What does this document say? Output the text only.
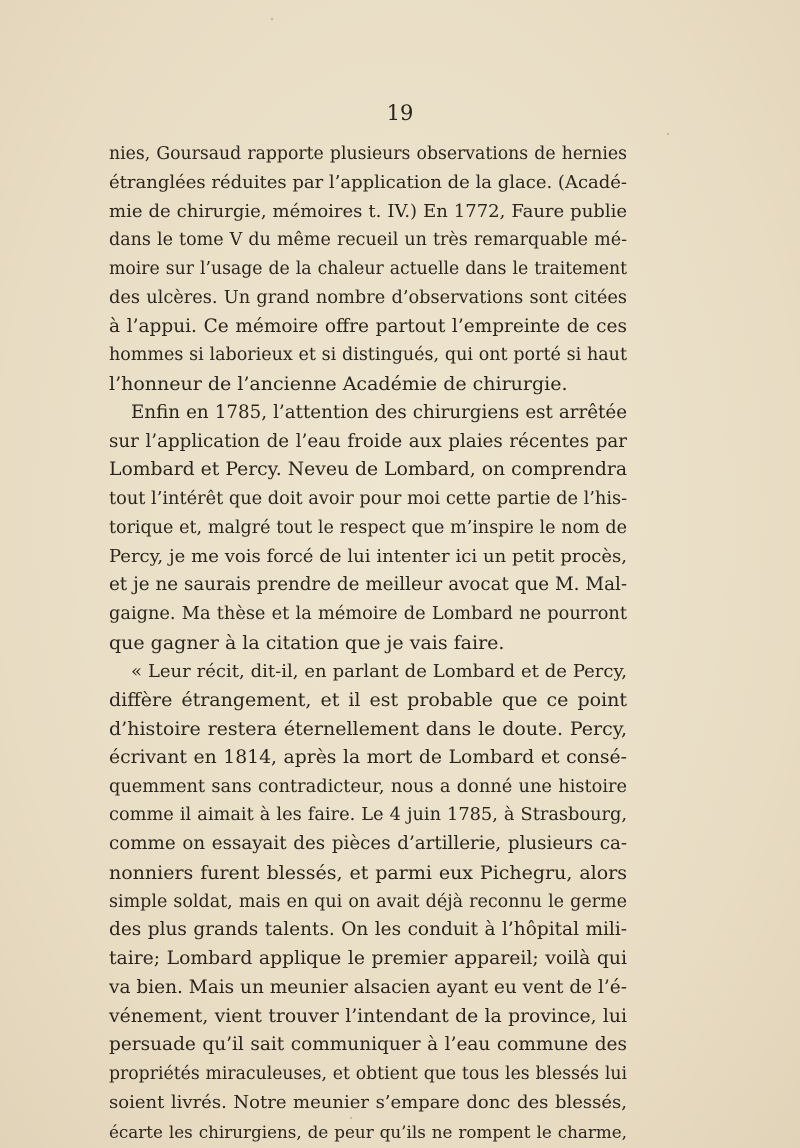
19
nies, Goursaud rapporte plusieurs observations de hernies
étranglées réduites par l’application de la glace. (Acadé-
mie de chirurgie, mémoires t. IV.) En 1772, Faure publie
dans le tome V du même recueil un très remarquable mé-
moire sur l’usage de la chaleur actuelle dans le traitement
des ulcères. Un grand nombre d’observations sont citées
à l’appui. Ce mémoire offre partout l’empreinte de ces
hommes si laborieux et si distingués, qui ont porté si haut
l’honneur de l’ancienne Académie de chirurgie.
Enfin en 1785, l’attention des chirurgiens est arrêtée
sur l’application de l’eau froide aux plaies récentes par
Lombard et Percy. Neveu de Lombard, on comprendra
tout l’intérêt que doit avoir pour moi cette partie de l’his-
torique et, malgré tout le respect que m’inspire le nom de
Percy, je me vois forcé de lui intenter ici un petit procès,
et je ne saurais prendre de meilleur avocat que M. Mal-
gaigne. Ma thèse et la mémoire de Lombard ne pourront
que gagner à la citation que je vais faire.
« Leur récit, dit-il, en parlant de Lombard et de Percy,
diffère étrangement, et il est probable que ce point
d’histoire restera éternellement dans le doute. Percy,
écrivant en 1814, après la mort de Lombard et consé-
quemment sans contradicteur, nous a donné une histoire
comme il aimait à les faire. Le 4 juin 1785, à Strasbourg,
comme on essayait des pièces d’artillerie, plusieurs ca-
nonniers furent blessés, et parmi eux Pichegru, alors
simple soldat, mais en qui on avait déjà reconnu le germe
des plus grands talents. On les conduit à l’hôpital mili-
taire; Lombard applique le premier appareil; voilà qui
va bien. Mais un meunier alsacien ayant eu vent de l’é-
vénement, vient trouver l’intendant de la province, lui
persuade qu’il sait communiquer à l’eau commune des
propriétés miraculeuses, et obtient que tous les blessés lui
soient livrés. Notre meunier s’empare donc des blessés,
écarte les chirurgiens, de peur qu’ils ne rompent le charme,
